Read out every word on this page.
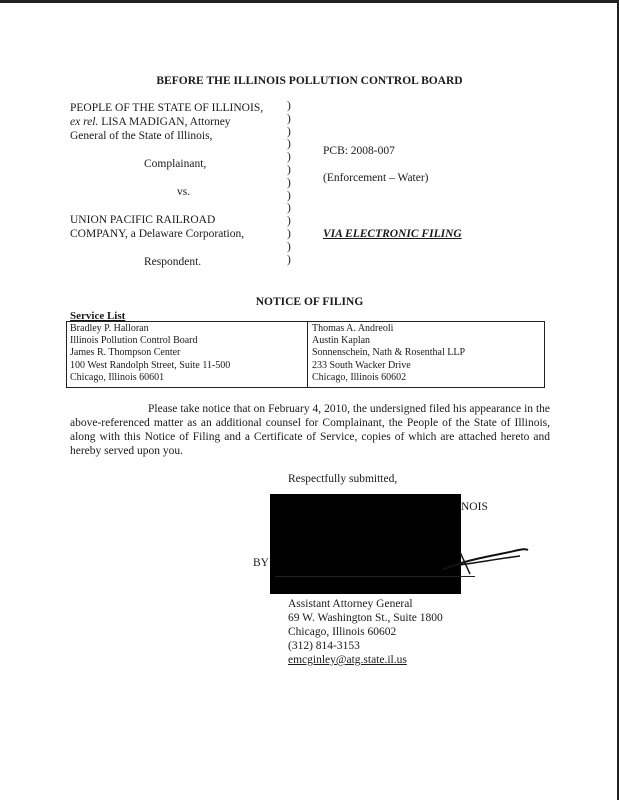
BEFORE THE ILLINOIS POLLUTION CONTROL BOARD
PEOPLE OF THE STATE OF ILLINOIS,
ex rel. LISA MADIGAN, Attorney
General of the State of Illinois,
Complainant,
vs.
UNION PACIFIC RAILROAD
COMPANY, a Delaware Corporation,
Respondent.
)
)
)
)
)
)
)
)
)
)
)
)
)
PCB: 2008-007
(Enforcement – Water)
VIA ELECTRONIC FILING
NOTICE OF FILING
Service List
Bradley P. Halloran
Illinois Pollution Control Board
James R. Thompson Center
100 West Randolph Street, Suite 11-500
Chicago, Illinois 60601
Thomas A. Andreoli
Austin Kaplan
Sonnenschein, Nath & Rosenthal LLP
233 South Wacker Drive
Chicago, Illinois 60602
Please take notice that on February 4, 2010, the undersigned filed his appearance in the above-referenced matter as an additional counsel for Complainant, the People of the State of Illinois, along with this Notice of Filing and a Certificate of Service, copies of which are attached hereto and hereby served upon you.
Respectfully submitted,
NOIS
BY
Assistant Attorney General
69 W. Washington St., Suite 1800
Chicago, Illinois 60602
(312) 814-3153
emcginley@atg.state.il.us
